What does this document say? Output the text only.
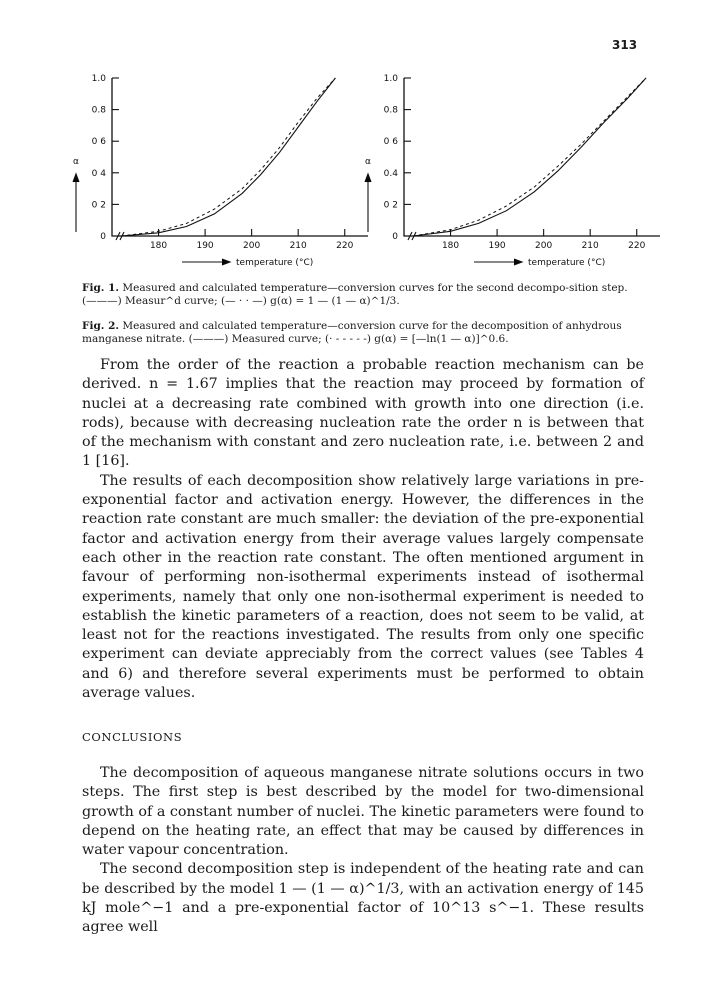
313
1.0
0.8
0 6
0 4
0 2
0
180	190	200	210	220
temperature (°C)
α
1.0
0.8
0 6
0.4
0 2
0
180	190	200	210	220
temperature (°C)
α
Fig. 1. Measured and calculated temperature—conversion curves for the second decompo-sition step. (———) Measur^d curve; (— · · —) g(α) = 1 — (1 — α)^1/3.
Fig. 2. Measured and calculated temperature—conversion curve for the decomposition of anhydrous manganese nitrate. (———) Measured curve; (· - - - - -) g(α) = [—ln(1 — α)]^0.6.

From the order of the reaction a probable reaction mechanism can be derived. n = 1.67 implies that the reaction may proceed by formation of nuclei at a decreasing rate combined with growth into one direction (i.e. rods), because with decreasing nucleation rate the order n is between that of the mechanism with constant and zero nucleation rate, i.e. between 2 and 1 [16].

The results of each decomposition show relatively large variations in pre-exponential factor and activation energy. However, the differences in the reaction rate constant are much smaller: the deviation of the pre-exponential factor and activation energy from their average values largely compensate each other in the reaction rate constant. The often mentioned argument in favour of performing non-isothermal experiments instead of isothermal experiments, namely that only one non-isothermal experiment is needed to establish the kinetic parameters of a reaction, does not seem to be valid, at least not for the reactions investigated. The results from only one specific experiment can deviate appreciably from the correct values (see Tables 4 and 6) and therefore several experiments must be performed to obtain average values.

CONCLUSIONS

The decomposition of aqueous manganese nitrate solutions occurs in two steps. The first step is best described by the model for two-dimensional growth of a constant number of nuclei. The kinetic parameters were found to depend on the heating rate, an effect that may be caused by differences in water vapour concentration.

The second decomposition step is independent of the heating rate and can be described by the model 1 — (1 — α)^1/3, with an activation energy of 145 kJ mole^−1 and a pre-exponential factor of 10^13 s^−1. These results agree well
